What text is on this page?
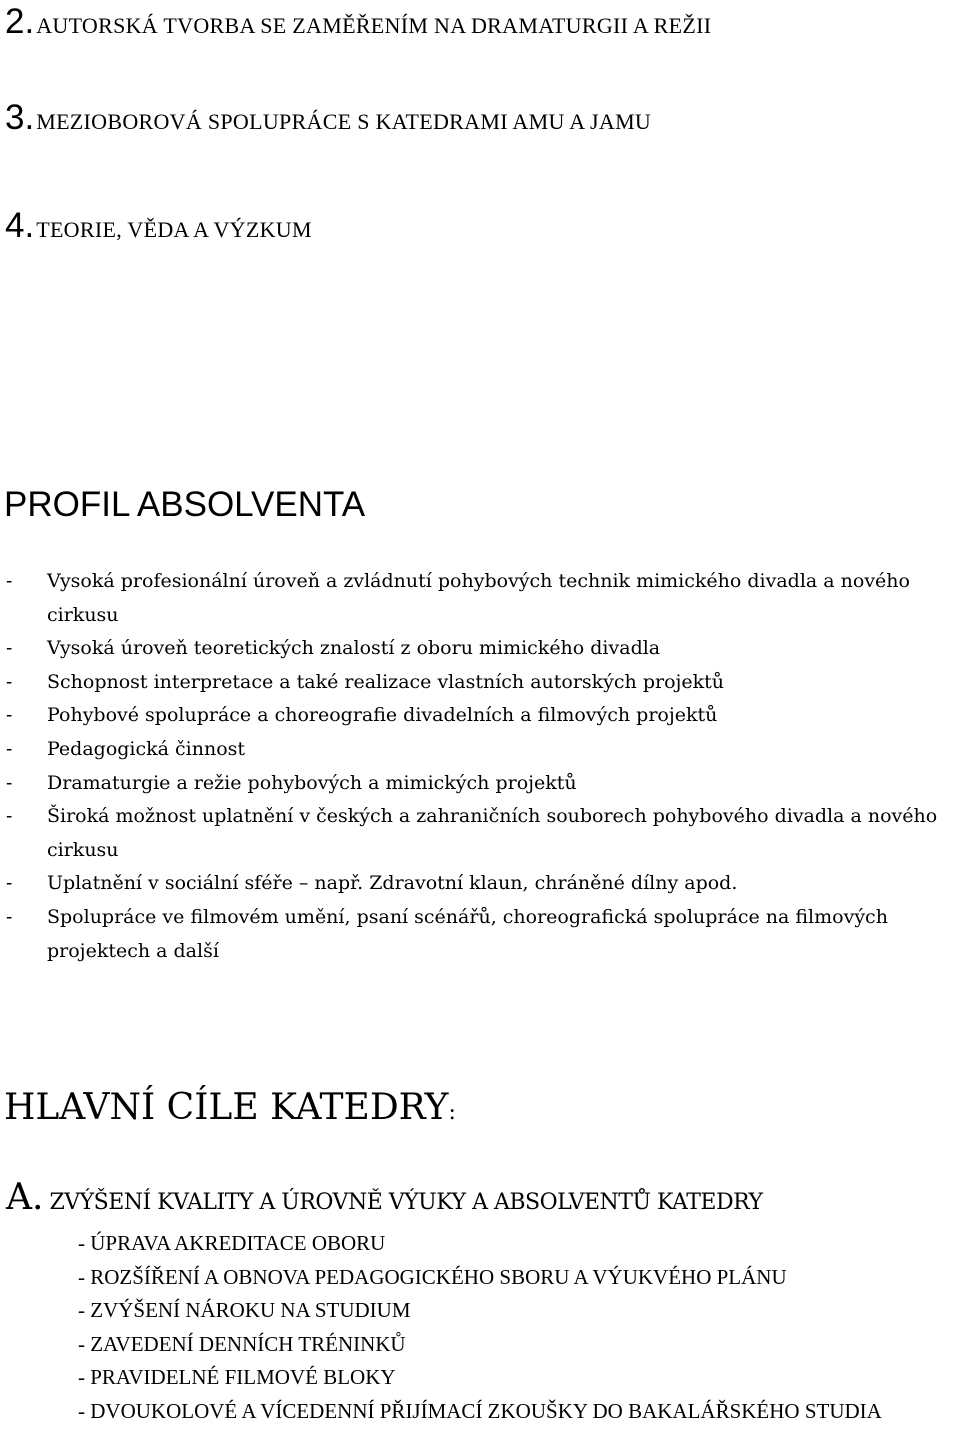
2.AUTORSKÁ TVORBA SE ZAMĚŘENÍM NA DRAMATURGII A REŽII
3.MEZIOBOROVÁ SPOLUPRÁCE S KATEDRAMI AMU A JAMU
4.TEORIE, VĚDA A VÝZKUM
PROFIL ABSOLVENTA
- Vysoká profesionální úroveň a zvládnutí pohybových technik mimického divadla a nového cirkusu
- Vysoká úroveň teoretických znalostí z oboru mimického divadla
- Schopnost interpretace a také realizace vlastních autorských projektů
- Pohybové spolupráce a choreografie divadelních a filmových projektů
- Pedagogická činnost
- Dramaturgie a režie pohybových a mimických projektů
- Široká možnost uplatnění v českých a zahraničních souborech pohybového divadla a nového cirkusu
- Uplatnění v sociální sféře – např. Zdravotní klaun, chráněné dílny apod.
- Spolupráce ve filmovém umění, psaní scénářů, choreografická spolupráce na filmových projektech a další
HLAVNÍ CÍLE KATEDRY:
A. ZVÝŠENÍ KVALITY A ÚROVNĚ VÝUKY A ABSOLVENTŮ KATEDRY
- ÚPRAVA AKREDITACE OBORU
- ROZŠÍŘENÍ A OBNOVA PEDAGOGICKÉHO SBORU A VÝUKVÉHO PLÁNU
- ZVÝŠENÍ NÁROKU NA STUDIUM
- ZAVEDENÍ DENNÍCH TRÉNINKŮ
- PRAVIDELNÉ FILMOVÉ BLOKY
- DVOUKOLOVÉ A VÍCEDENNÍ PŘIJÍMACÍ ZKOUŠKY DO BAKALÁŘSKÉHO STUDIA
